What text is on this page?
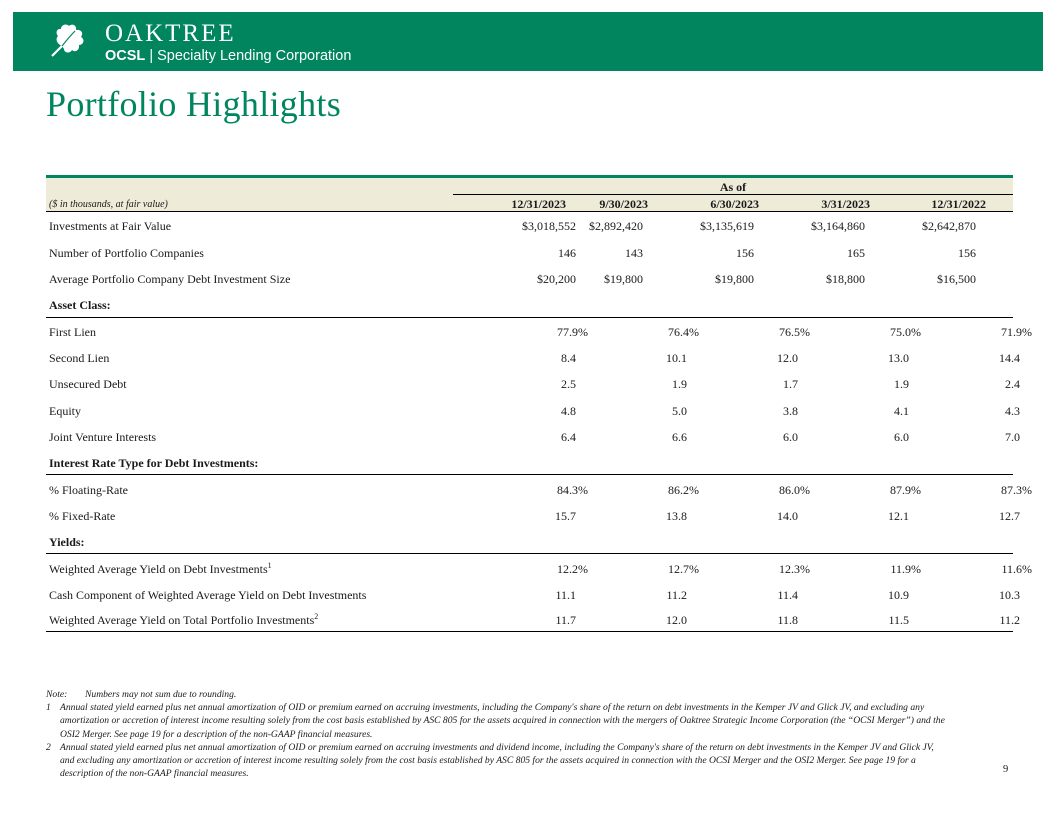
OAKTREE
OCSL | Specialty Lending Corporation
Portfolio Highlights
As of
($ in thousands, at fair value)	12/31/2023	9/30/2023	6/30/2023	3/31/2023	12/31/2022
Investments at Fair Value	$3,018,552	$2,892,420	$3,135,619	$3,164,860	$2,642,870
Number of Portfolio Companies	146	143	156	165	156
Average Portfolio Company Debt Investment Size	$20,200	$19,800	$19,800	$18,800	$16,500
Asset Class:
First Lien	77.9%	76.4%	76.5%	75.0%	71.9%
Second Lien	8.4	10.1	12.0	13.0	14.4
Unsecured Debt	2.5	1.9	1.7	1.9	2.4
Equity	4.8	5.0	3.8	4.1	4.3
Joint Venture Interests	6.4	6.6	6.0	6.0	7.0
Interest Rate Type for Debt Investments:
% Floating-Rate	84.3%	86.2%	86.0%	87.9%	87.3%
% Fixed-Rate	15.7	13.8	14.0	12.1	12.7
Yields:
Weighted Average Yield on Debt Investments$^1$	12.2%	12.7%	12.3%	11.9%	11.6%
Cash Component of Weighted Average Yield on Debt Investments	11.1	11.2	11.4	10.9	10.3
Weighted Average Yield on Total Portfolio Investments$^2$	11.7	12.0	11.8	11.5	11.2
Note: Numbers may not sum due to rounding.
1 Annual stated yield earned plus net annual amortization of OID or premium earned on accruing investments, including the Company's share of the return on debt investments in the Kemper JV and Glick JV, and excluding any amortization or accretion of interest income resulting solely from the cost basis established by ASC 805 for the assets acquired in connection with the mergers of Oaktree Strategic Income Corporation (the “OCSI Merger”) and the OSI2 Merger. See page 19 for a description of the non-GAAP financial measures.
2 Annual stated yield earned plus net annual amortization of OID or premium earned on accruing investments and dividend income, including the Company's share of the return on debt investments in the Kemper JV and Glick JV, and excluding any amortization or accretion of interest income resulting solely from the cost basis established by ASC 805 for the assets acquired in connection with the OCSI Merger and the OSI2 Merger. See page 19 for a description of the non-GAAP financial measures.	9
